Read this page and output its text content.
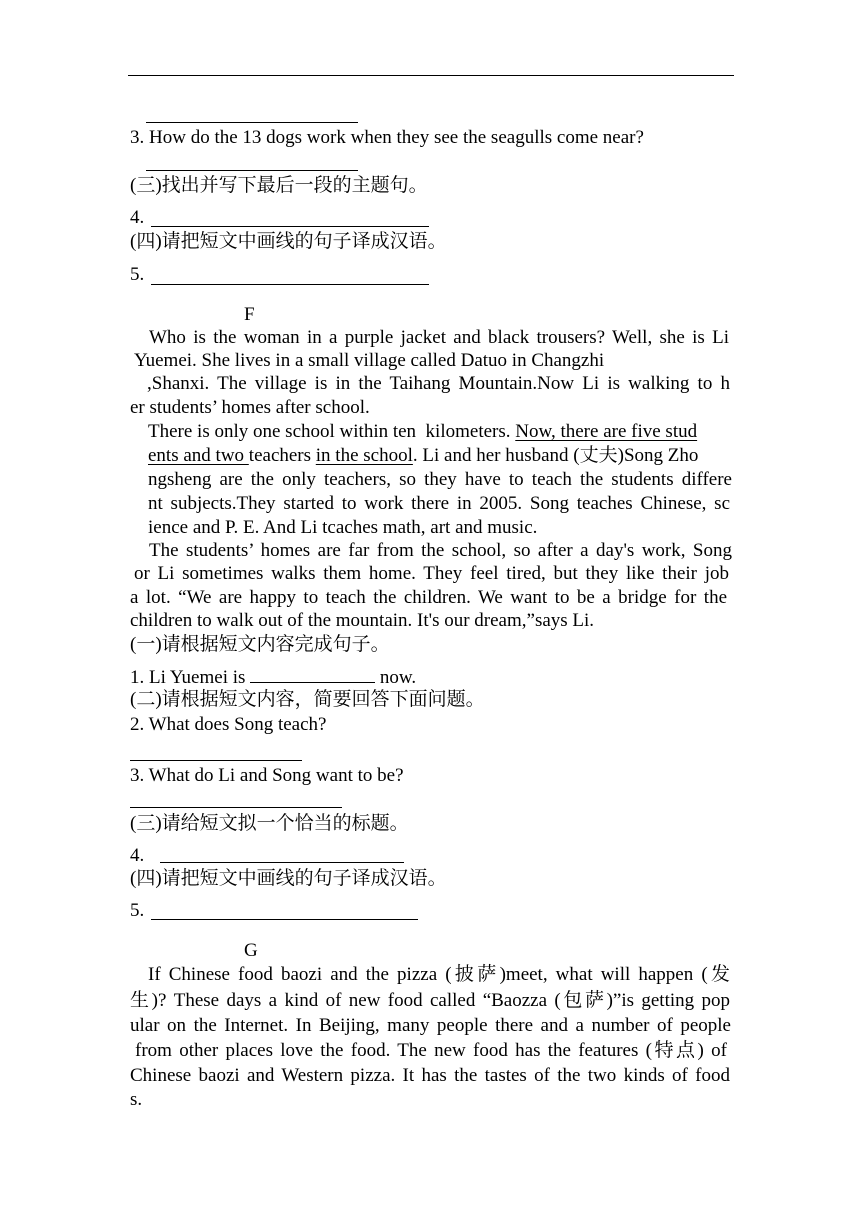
3. How do the 13 dogs work when they see the seagulls come near?
(三)找出并写下最后一段的主题句。
4.
(四)请把短文中画线的句子译成汉语。
5.
F
Who is the woman in a purple jacket and black trousers? Well, she is Li
Yuemei. She lives in a small village called Datuo in Changzhi
,Shanxi. The village is in the Taihang Mountain.Now Li is walking to h
er students’ homes after school.
There is only one school within ten  kilometers. Now, there are five stud
ents and two teachers in the school. Li and her husband (丈夫)Song Zho
ngsheng are the only teachers, so they have to teach the students differe
nt subjects.They started to work there in 2005. Song teaches Chinese, sc
ience and P. E. And Li tcaches math, art and music.
The students’ homes are far from the school, so after a day's work, Song
or Li sometimes walks them home. They feel tired, but they like their job
a lot. “We are happy to teach the children. We want to be a bridge for the
children to walk out of the mountain. It's our dream,”says Li.
(一)请根据短文内容完成句子。
1. Li Yuemei is	now.
(二)请根据短文内容，简要回答下面问题。
2. What does Song teach?
3. What do Li and Song want to be?
(三)请给短文拟一个恰当的标题。
4.
(四)请把短文中画线的句子译成汉语。
5.
G
If Chinese food baozi and the pizza (披萨)meet, what will happen (发
生)? These days a kind of new food called “Baozza (包萨)”is getting pop
ular on the Internet. In Beijing, many people there and a number of people
from other places love the food. The new food has the features (特点) of
Chinese baozi and Western pizza. It has the tastes of the two kinds of food
s.
